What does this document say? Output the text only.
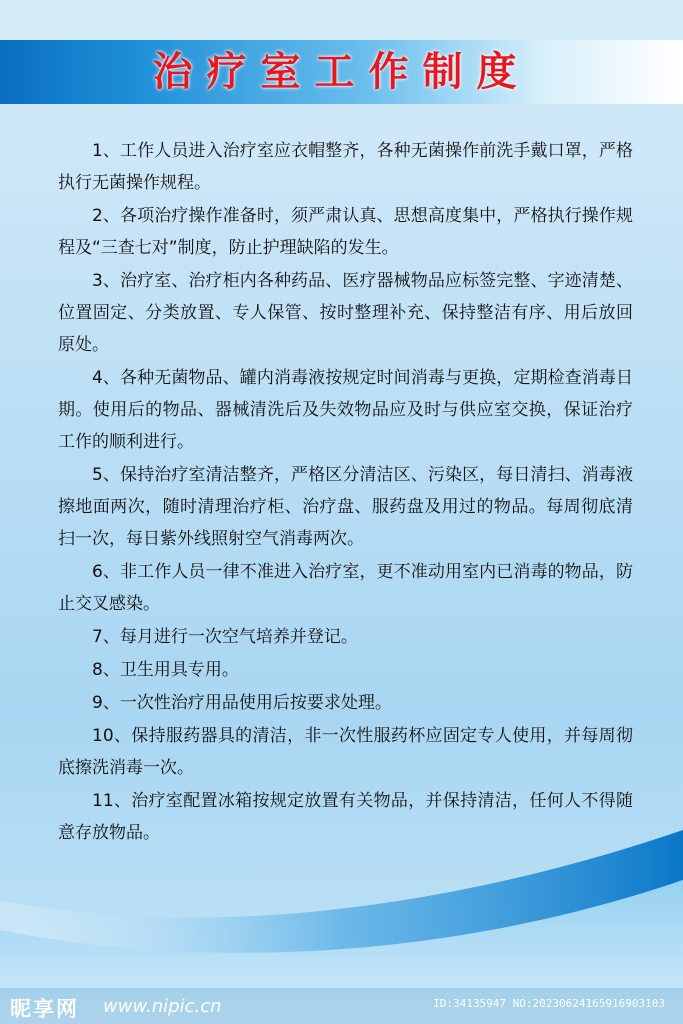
治疗室工作制度

1、工作人员进入治疗室应衣帽整齐，各种无菌操作前洗手戴口罩，严格执行无菌操作规程。

2、各项治疗操作准备时，须严肃认真、思想高度集中，严格执行操作规程及“三查七对”制度，防止护理缺陷的发生。

3、治疗室、治疗柜内各种药品、医疗器械物品应标签完整、字迹清楚、位置固定、分类放置、专人保管、按时整理补充、保持整洁有序、用后放回原处。

4、各种无菌物品、罐内消毒液按规定时间消毒与更换，定期检查消毒日期。使用后的物品、器械清洗后及失效物品应及时与供应室交换，保证治疗工作的顺利进行。

5、保持治疗室清洁整齐，严格区分清洁区、污染区，每日清扫、消毒液擦地面两次，随时清理治疗柜、治疗盘、服药盘及用过的物品。每周彻底清扫一次，每日紫外线照射空气消毒两次。

6、非工作人员一律不准进入治疗室，更不准动用室内已消毒的物品，防止交叉感染。

7、每月进行一次空气培养并登记。

8、卫生用具专用。

9、一次性治疗用品使用后按要求处理。

10、保持服药器具的清洁，非一次性服药杯应固定专人使用，并每周彻底擦洗消毒一次。

11、治疗室配置冰箱按规定放置有关物品，并保持清洁，任何人不得随意存放物品。

昵享网 www.nipic.cn	ID:34135947 NO:20230624165916903103
